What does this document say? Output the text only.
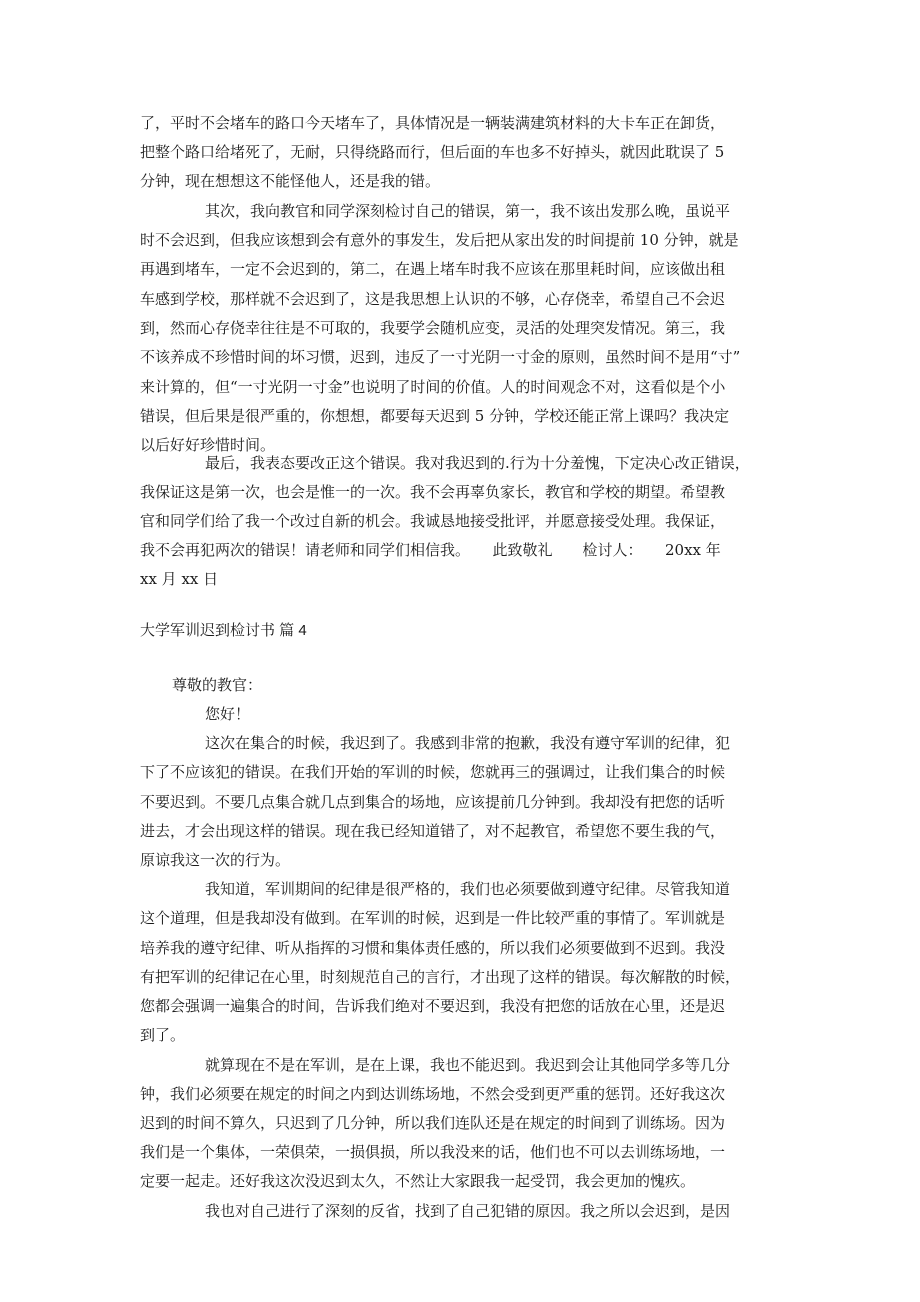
了，平时不会堵车的路口今天堵车了，具体情况是一辆装满建筑材料的大卡车正在卸货，
把整个路口给堵死了，无耐，只得绕路而行，但后面的车也多不好掉头，就因此耽误了 5
分钟，现在想想这不能怪他人，还是我的错。
其次，我向教官和同学深刻检讨自己的错误，第一，我不该出发那么晚，虽说平
时不会迟到，但我应该想到会有意外的事发生，发后把从家出发的时间提前 10 分钟，就是
再遇到堵车，一定不会迟到的，第二，在遇上堵车时我不应该在那里耗时间，应该做出租
车感到学校，那样就不会迟到了，这是我思想上认识的不够，心存侥幸，希望自己不会迟
到，然而心存侥幸往往是不可取的，我要学会随机应变，灵活的处理突发情况。第三，我
不该养成不珍惜时间的坏习惯，迟到，违反了一寸光阴一寸金的原则，虽然时间不是用“寸”
来计算的，但“一寸光阴一寸金”也说明了时间的价值。人的时间观念不对，这看似是个小
错误，但后果是很严重的，你想想，都要每天迟到 5 分钟，学校还能正常上课吗？我决定
以后好好珍惜时间。
最后，我表态要改正这个错误。我对我迟到的.行为十分羞愧，下定决心改正错误，
我保证这是第一次，也会是惟一的一次。我不会再辜负家长，教官和学校的期望。希望教
官和同学们给了我一个改过自新的机会。我诚恳地接受批评，并愿意接受处理。我保证，
我不会再犯两次的错误！请老师和同学们相信我。　　此致敬礼　　检讨人：　　20xx 年
xx 月 xx 日
大学军训迟到检讨书 篇 4
尊敬的教官：
您好！
这次在集合的时候，我迟到了。我感到非常的抱歉，我没有遵守军训的纪律，犯
下了不应该犯的错误。在我们开始的军训的时候，您就再三的强调过，让我们集合的时候
不要迟到。不要几点集合就几点到集合的场地，应该提前几分钟到。我却没有把您的话听
进去，才会出现这样的错误。现在我已经知道错了，对不起教官，希望您不要生我的气，
原谅我这一次的行为。
我知道，军训期间的纪律是很严格的，我们也必须要做到遵守纪律。尽管我知道
这个道理，但是我却没有做到。在军训的时候，迟到是一件比较严重的事情了。军训就是
培养我的遵守纪律、听从指挥的习惯和集体责任感的，所以我们必须要做到不迟到。我没
有把军训的纪律记在心里，时刻规范自己的言行，才出现了这样的错误。每次解散的时候，
您都会强调一遍集合的时间，告诉我们绝对不要迟到，我没有把您的话放在心里，还是迟
到了。
就算现在不是在军训，是在上课，我也不能迟到。我迟到会让其他同学多等几分
钟，我们必须要在规定的时间之内到达训练场地，不然会受到更严重的惩罚。还好我这次
迟到的时间不算久，只迟到了几分钟，所以我们连队还是在规定的时间到了训练场。因为
我们是一个集体，一荣俱荣，一损俱损，所以我没来的话，他们也不可以去训练场地，一
定要一起走。还好我这次没迟到太久，不然让大家跟我一起受罚，我会更加的愧疚。
我也对自己进行了深刻的反省，找到了自己犯错的原因。我之所以会迟到，是因
